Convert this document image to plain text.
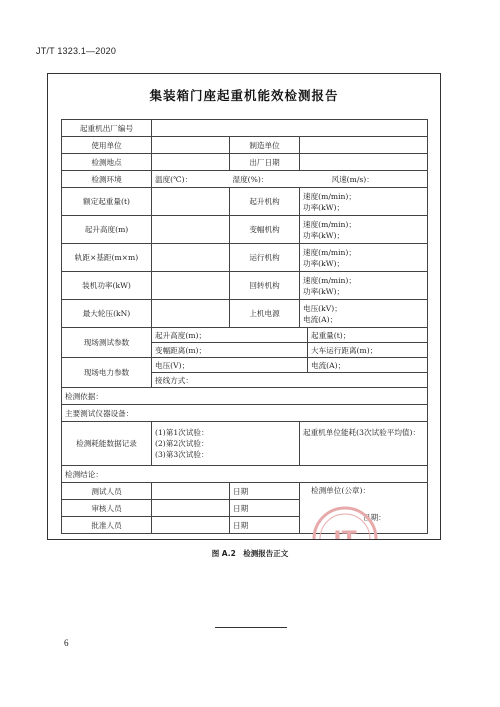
JT/T 1323.1—2020
集装箱门座起重机能效检测报告
起重机出厂编号				
使用单位		制造单位		
检测地点		出厂日期		
检测环境	温度(℃)：	湿度(%)：		风速(m/s)：
额定起重量(t)		起升机构	速度(m/min)；
功率(kW)；	

起升高度(m)		变幅机构	速度(m/min)；
功率(kW)；	

轨距×基距(m×m)		运行机构	速度(m/min)；
功率(kW)；	

装机功率(kW)		回转机构	速度(m/min)；
功率(kW)；	

最大轮压(kN)		上机电源	电压(kV)；
电流(A)；	

现场测试参数	起升高度(m)；			起重量(t)；
	变幅距离(m)；			大车运行距离(m)；
现场电力参数	电压(V)；			电流(A)；
	接线方式：			
检测依据：				
主要测试仪器设备：				
检测耗能数据记录	(1)第1次试验：
(2)第2次试验：
(3)第3次试验：		起重机单位能耗(3次试验平均值)：	
检测结论：				
测试人员		日期	检测单位(公章)：
日期：	

审核人员		日期		
批准人员		日期		
JT
图 A.2　检测报告正文
6
